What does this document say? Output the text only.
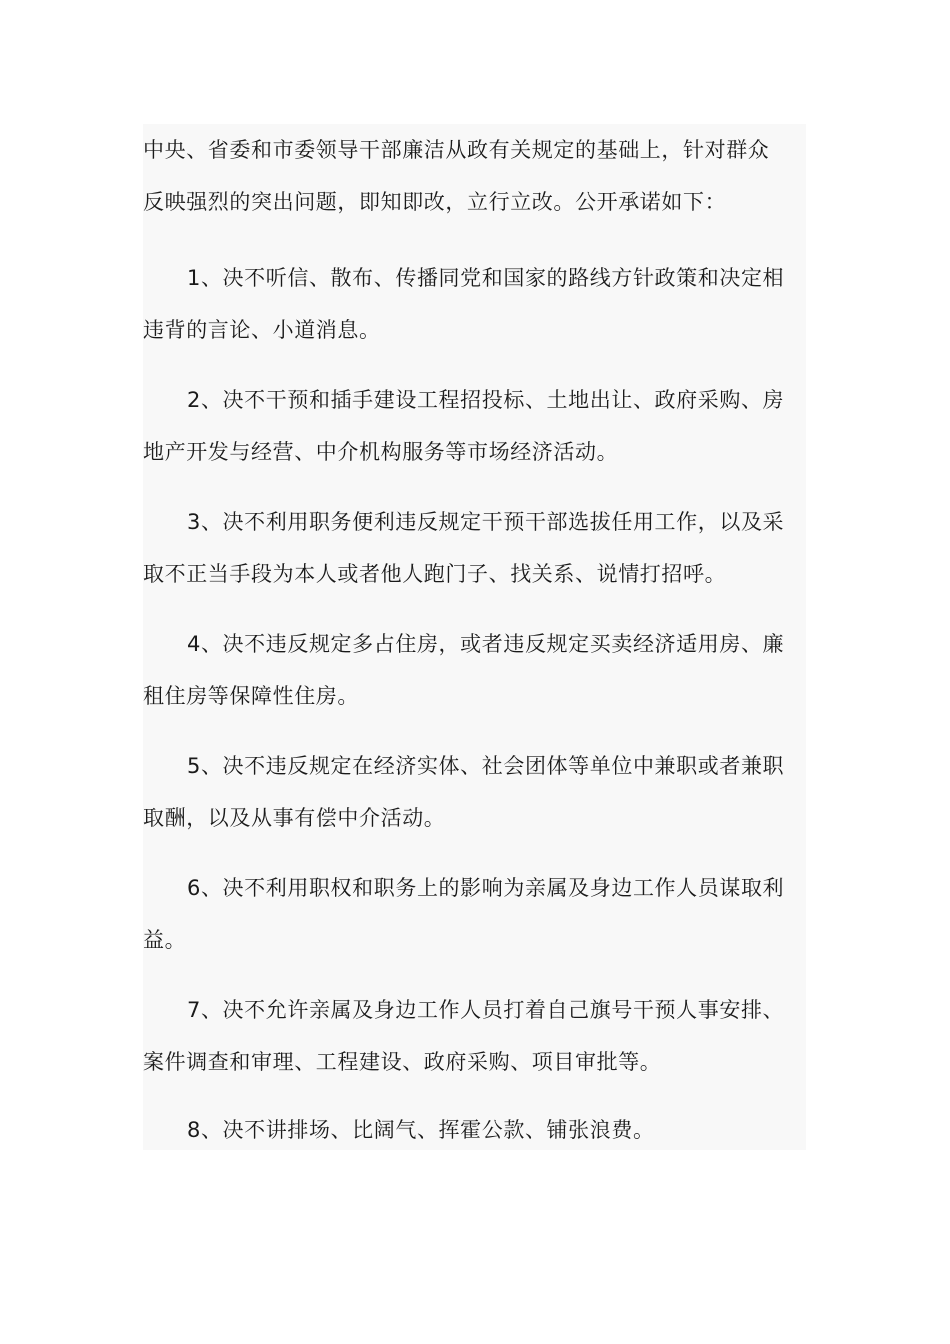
中央、省委和市委领导干部廉洁从政有关规定的基础上，针对群众
反映强烈的突出问题，即知即改，立行立改。公开承诺如下：

1、决不听信、散布、传播同党和国家的路线方针政策和决定相
违背的言论、小道消息。

2、决不干预和插手建设工程招投标、土地出让、政府采购、房
地产开发与经营、中介机构服务等市场经济活动。

3、决不利用职务便利违反规定干预干部选拔任用工作，以及采
取不正当手段为本人或者他人跑门子、找关系、说情打招呼。

4、决不违反规定多占住房，或者违反规定买卖经济适用房、廉
租住房等保障性住房。

5、决不违反规定在经济实体、社会团体等单位中兼职或者兼职
取酬，以及从事有偿中介活动。

6、决不利用职权和职务上的影响为亲属及身边工作人员谋取利
益。

7、决不允许亲属及身边工作人员打着自己旗号干预人事安排、
案件调查和审理、工程建设、政府采购、项目审批等。

8、决不讲排场、比阔气、挥霍公款、铺张浪费。
